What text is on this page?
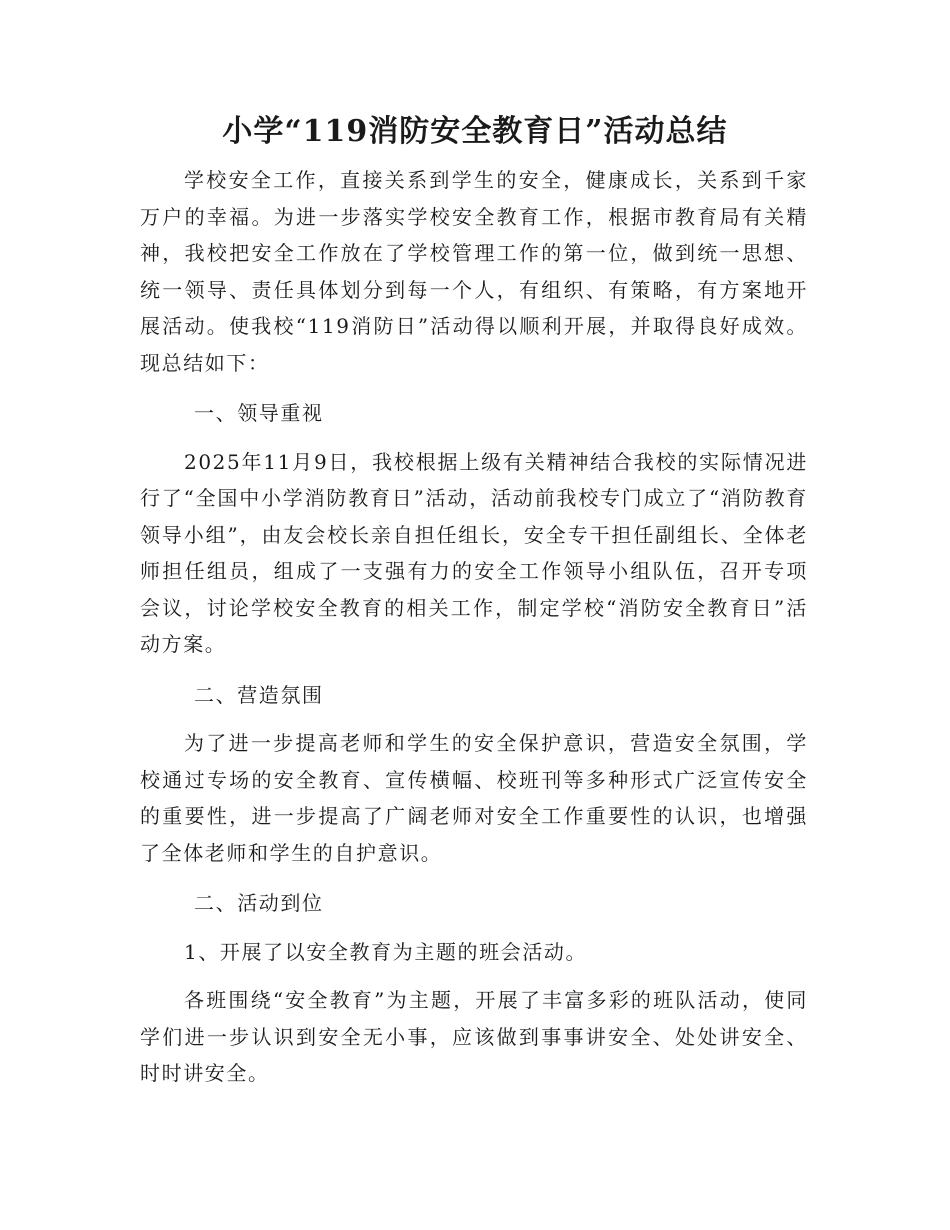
小学“119消防安全教育日”活动总结

学校安全工作，直接关系到学生的安全，健康成长，关系到千家万户的幸福。为进一步落实学校安全教育工作，根据市教育局有关精神，我校把安全工作放在了学校管理工作的第一位，做到统一思想、统一领导、责任具体划分到每一个人，有组织、有策略，有方案地开展活动。使我校“119消防日”活动得以顺利开展，并取得良好成效。现总结如下：

一、领导重视

2025年11月9日，我校根据上级有关精神结合我校的实际情况进行了“全国中小学消防教育日”活动，活动前我校专门成立了“消防教育领导小组”，由友会校长亲自担任组长，安全专干担任副组长、全体老师担任组员，组成了一支强有力的安全工作领导小组队伍，召开专项会议，讨论学校安全教育的相关工作，制定学校“消防安全教育日”活动方案。

二、营造氛围

为了进一步提高老师和学生的安全保护意识，营造安全氛围，学校通过专场的安全教育、宣传横幅、校班刊等多种形式广泛宣传安全的重要性，进一步提高了广阔老师对安全工作重要性的认识，也增强了全体老师和学生的自护意识。

二、活动到位

1、开展了以安全教育为主题的班会活动。

各班围绕“安全教育”为主题，开展了丰富多彩的班队活动，使同学们进一步认识到安全无小事，应该做到事事讲安全、处处讲安全、时时讲安全。
